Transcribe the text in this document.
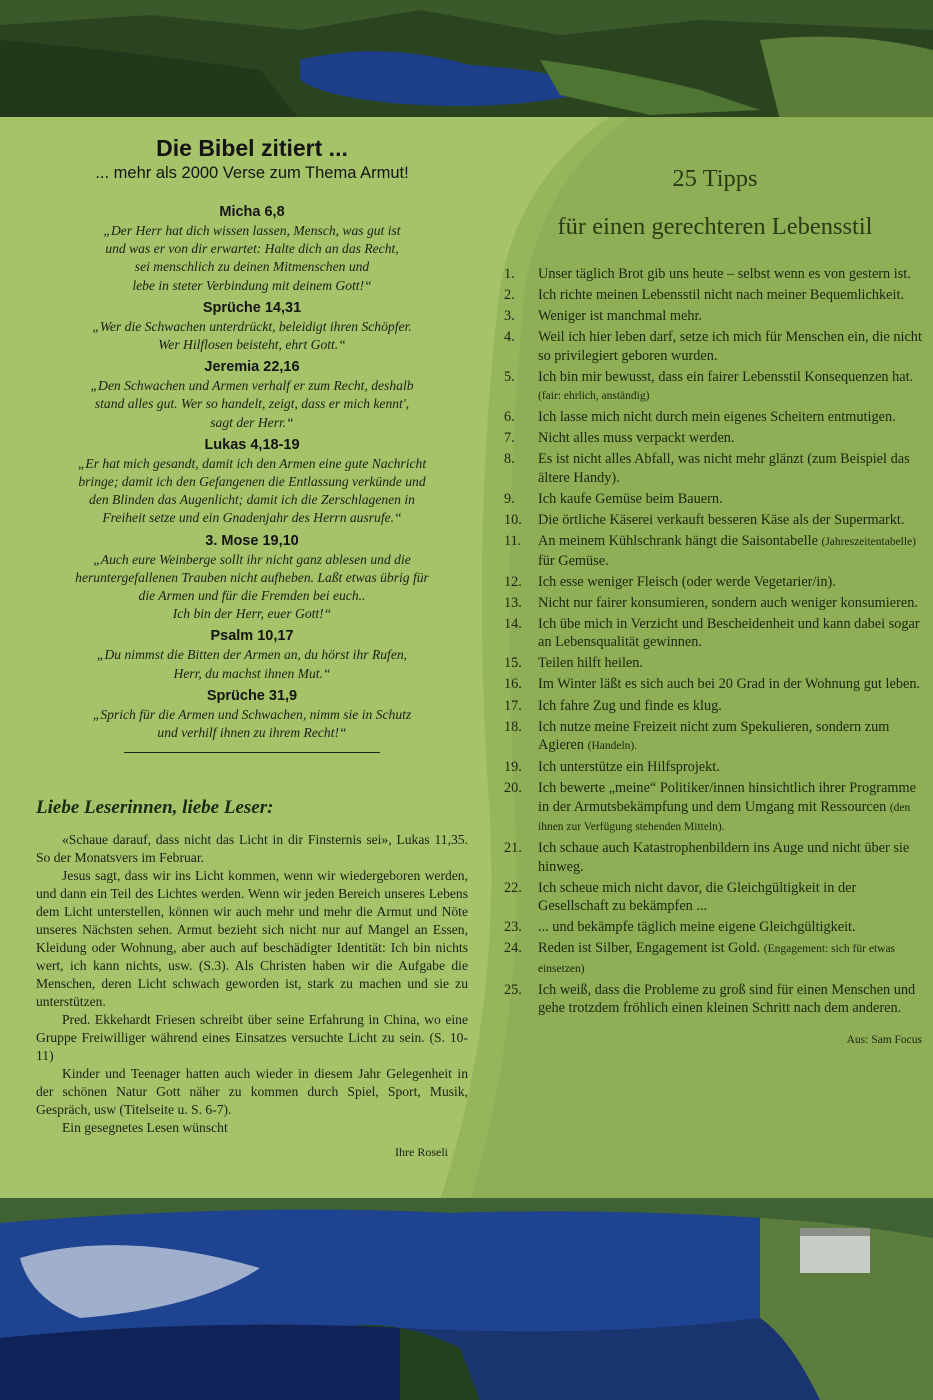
Die Bibel zitiert ...
... mehr als 2000 Verse zum Thema Armut!
Micha 6,8
„Der Herr hat dich wissen lassen, Mensch, was gut ist
und was er von dir erwartet: Halte dich an das Recht,
sei menschlich zu deinen Mitmenschen und
lebe in steter Verbindung mit deinem Gott!“
Sprüche 14,31
„Wer die Schwachen unterdrückt, beleidigt ihren Schöpfer.
Wer Hilflosen beisteht, ehrt Gott.“
Jeremia 22,16
„Den Schwachen und Armen verhalf er zum Recht, deshalb
stand alles gut. Wer so handelt, zeigt, dass er mich kennt',
sagt der Herr.“
Lukas 4,18-19
„Er hat mich gesandt, damit ich den Armen eine gute Nachricht
bringe; damit ich den Gefangenen die Entlassung verkünde und
den Blinden das Augenlicht; damit ich die Zerschlagenen in
Freiheit setze und ein Gnadenjahr des Herrn ausrufe.“
3. Mose 19,10
„Auch eure Weinberge sollt ihr nicht ganz ablesen und die
heruntergefallenen Trauben nicht aufheben. Laßt etwas übrig für
die Armen und für die Fremden bei euch..
Ich bin der Herr, euer Gott!“
Psalm 10,17
„Du nimmst die Bitten der Armen an, du hörst ihr Rufen,
Herr, du machst ihnen Mut.“
Sprüche 31,9
„Sprich für die Armen und Schwachen, nimm sie in Schutz
und verhilf ihnen zu ihrem Recht!“
Liebe Leserinnen, liebe Leser:

«Schaue darauf, dass nicht das Licht in dir Finsternis sei», Lukas 11,35. So der Monatsvers im Februar.

Jesus sagt, dass wir ins Licht kommen, wenn wir wiedergeboren werden, und dann ein Teil des Lichtes werden. Wenn wir jeden Bereich unseres Lebens dem Licht unterstellen, können wir auch mehr und mehr die Armut und Nöte unseres Nächsten sehen. Armut bezieht sich nicht nur auf Mangel an Essen, Kleidung oder Wohnung, aber auch auf beschädigter Identität: Ich bin nichts wert, ich kann nichts, usw. (S.3). Als Christen haben wir die Aufgabe die Menschen, deren Licht schwach geworden ist, stark zu machen und sie zu unterstützen.

Pred. Ekkehardt Friesen schreibt über seine Erfahrung in China, wo eine Gruppe Freiwilliger während eines Einsatzes versuchte Licht zu sein. (S. 10-11)

Kinder und Teenager hatten auch wieder in diesem Jahr Gelegenheit in der schönen Natur Gott näher zu kommen durch Spiel, Sport, Musik, Gespräch, usw (Titelseite u. S. 6-7).

Ein gesegnetes Lesen wünscht

Ihre Roseli
25 Tipps
für einen gerechteren Lebensstil
1.	Unser täglich Brot gib uns heute – selbst wenn es von gestern ist.
2.	Ich richte meinen Lebensstil nicht nach meiner Bequemlichkeit.
3.	Weniger ist manchmal mehr.
4.	Weil ich hier leben darf, setze ich mich für Menschen ein, die nicht so privilegiert geboren wurden.
5.	Ich bin mir bewusst, dass ein fairer Lebensstil Konsequenzen hat. (fair: ehrlich, anständig)
6.	Ich lasse mich nicht durch mein eigenes Scheitern entmutigen.
7.	Nicht alles muss verpackt werden.
8.	Es ist nicht alles Abfall, was nicht mehr glänzt (zum Beispiel das ältere Handy).
9.	Ich kaufe Gemüse beim Bauern.
10.	Die örtliche Käserei verkauft besseren Käse als der Supermarkt.
11.	An meinem Kühlschrank hängt die Saisontabelle (Jahreszeitentabelle) für Gemüse.
12.	Ich esse weniger Fleisch (oder werde Vegetarier/in).
13.	Nicht nur fairer konsumieren, sondern auch weniger konsumieren.
14.	Ich übe mich in Verzicht und Bescheidenheit und kann dabei sogar an Lebensqualität gewinnen.
15.	Teilen hilft heilen.
16.	Im Winter läßt es sich auch bei 20 Grad in der Wohnung gut leben.
17.	Ich fahre Zug und finde es klug.
18.	Ich nutze meine Freizeit nicht zum Spekulieren, sondern zum Agieren (Handeln).
19.	Ich unterstütze ein Hilfsprojekt.
20.	Ich bewerte „meine“ Politiker/innen hinsichtlich ihrer Programme in der Armutsbekämpfung und dem Umgang mit Ressourcen (den ihnen zur Verfügung stehenden Mitteln).
21.	Ich schaue auch Katastrophenbildern ins Auge und nicht über sie hinweg.
22.	Ich scheue mich nicht davor, die Gleichgültigkeit in der Gesellschaft zu bekämpfen ...
23.	... und bekämpfe täglich meine eigene Gleichgültigkeit.
24.	Reden ist Silber, Engagement ist Gold. (Engagement: sich für etwas einsetzen)
25.	Ich weiß, dass die Probleme zu groß sind für einen Menschen und gehe trotzdem fröhlich einen kleinen Schritt nach dem anderen.
Aus: Sam Focus
